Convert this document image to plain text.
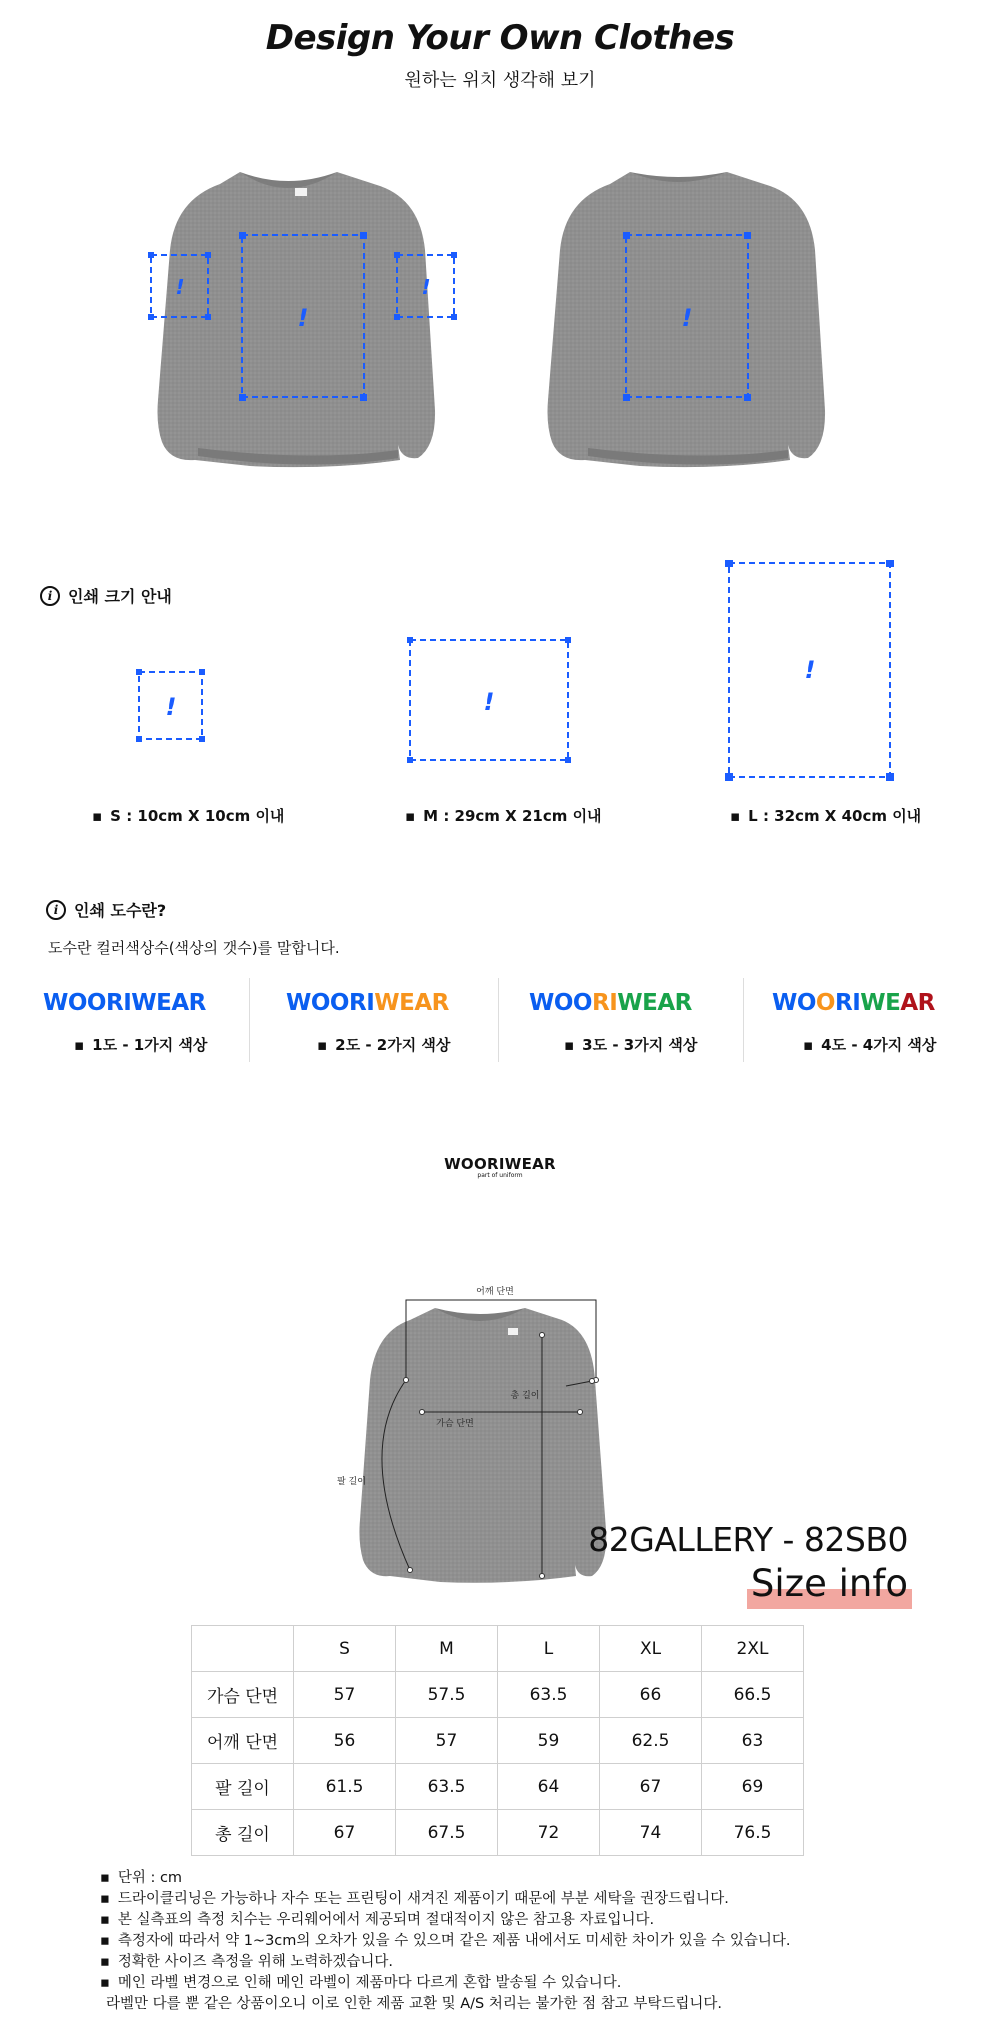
Design Your Own Clothes
원하는 위치 생각해 보기
!
!	!
!
i 인쇄 크기 안내
!	!
!
▪ S : 10cm X 10cm 이내	▪ M : 29cm X 21cm 이내	▪ L : 32cm X 40cm 이내
i 인쇄 도수란?
도수란 컬러색상수(색상의 갯수)를 말합니다.
WOORIWEAR	WOORIWEAR	WOORIWEAR	WOORIWEAR
▪ 1도 - 1가지 색상	▪ 2도 - 2가지 색상	▪ 3도 - 3가지 색상	▪ 4도 - 4가지 색상
WOORIWEAR
part of uniform
어깨 단면
총 길이
가슴 단면
팔 길이
82GALLERY - 82SB0
Size info
	S	M	L	XL	2XL
가슴 단면	57	57.5	63.5	66	66.5
어깨 단면	56	57	59	62.5	63
팔 길이	61.5	63.5	64	67	69
총 길이	67	67.5	72	74	76.5
▪ 단위 : cm
▪ 드라이클리닝은 가능하나 자수 또는 프린팅이 새겨진 제품이기 때문에 부분 세탁을 권장드립니다.
▪ 본 실측표의 측정 치수는 우리웨어에서 제공되며 절대적이지 않은 참고용 자료입니다.
▪ 측정자에 따라서 약 1~3cm의 오차가 있을 수 있으며 같은 제품 내에서도 미세한 차이가 있을 수 있습니다.
▪ 정확한 사이즈 측정을 위해 노력하겠습니다.
▪ 메인 라벨 변경으로 인해 메인 라벨이 제품마다 다르게 혼합 발송될 수 있습니다.
라벨만 다를 뿐 같은 상품이오니 이로 인한 제품 교환 및 A/S 처리는 불가한 점 참고 부탁드립니다.
